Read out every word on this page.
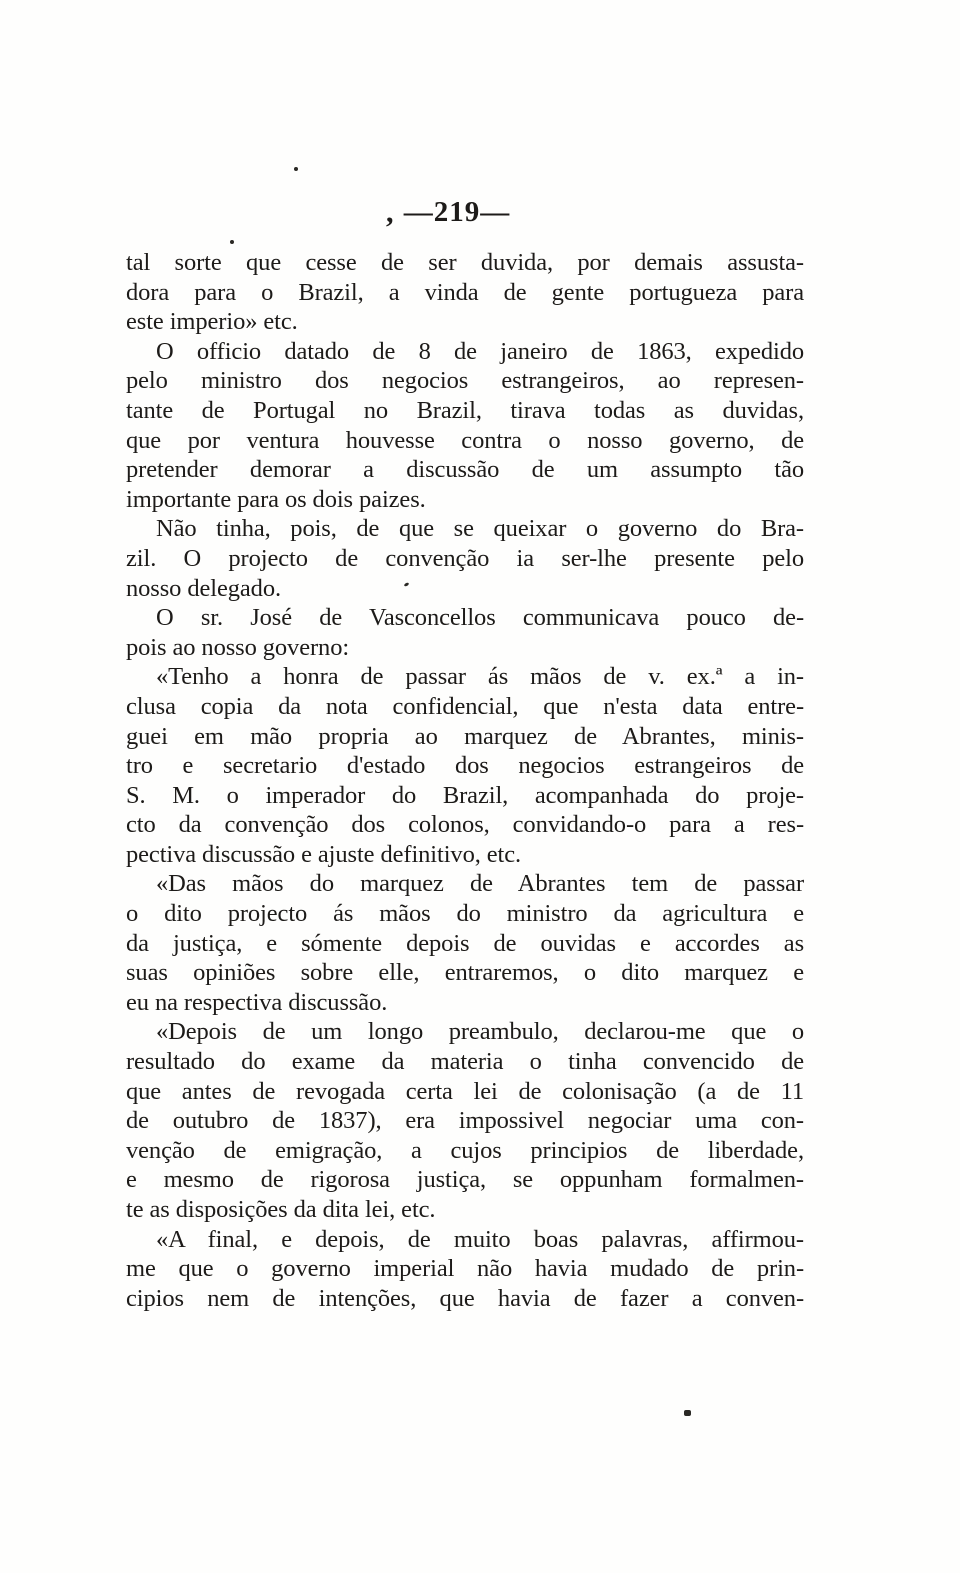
, —219—
tal sorte que cesse de ser duvida, por demais assusta-
dora para o Brazil, a vinda de gente portugueza para
este imperio» etc.
O officio datado de 8 de janeiro de 1863, expedido
pelo ministro dos negocios estrangeiros, ao represen-
tante de Portugal no Brazil, tirava todas as duvidas,
que por ventura houvesse contra o nosso governo, de
pretender demorar a discussão de um assumpto tão
importante para os dois paizes.
Não tinha, pois, de que se queixar o governo do Bra-
zil. O projecto de convenção ia ser-lhe presente pelo
nosso delegado.
O sr. José de Vasconcellos communicava pouco de-
pois ao nosso governo:
«Tenho a honra de passar ás mãos de v. ex.ª a in-
clusa copia da nota confidencial, que n'esta data entre-
guei em mão propria ao marquez de Abrantes, minis-
tro e secretario d'estado dos negocios estrangeiros de
S. M. o imperador do Brazil, acompanhada do proje-
cto da convenção dos colonos, convidando-o para a res-
pectiva discussão e ajuste definitivo, etc.
«Das mãos do marquez de Abrantes tem de passar
o dito projecto ás mãos do ministro da agricultura e
da justiça, e sómente depois de ouvidas e accordes as
suas opiniões sobre elle, entraremos, o dito marquez e
eu na respectiva discussão.
«Depois de um longo preambulo, declarou-me que o
resultado do exame da materia o tinha convencido de
que antes de revogada certa lei de colonisação (a de 11
de outubro de 1837), era impossivel negociar uma con-
venção de emigração, a cujos principios de liberdade,
e mesmo de rigorosa justiça, se oppunham formalmen-
te as disposições da dita lei, etc.
«A final, e depois, de muito boas palavras, affirmou-
me que o governo imperial não havia mudado de prin-
cipios nem de intenções, que havia de fazer a conven-
